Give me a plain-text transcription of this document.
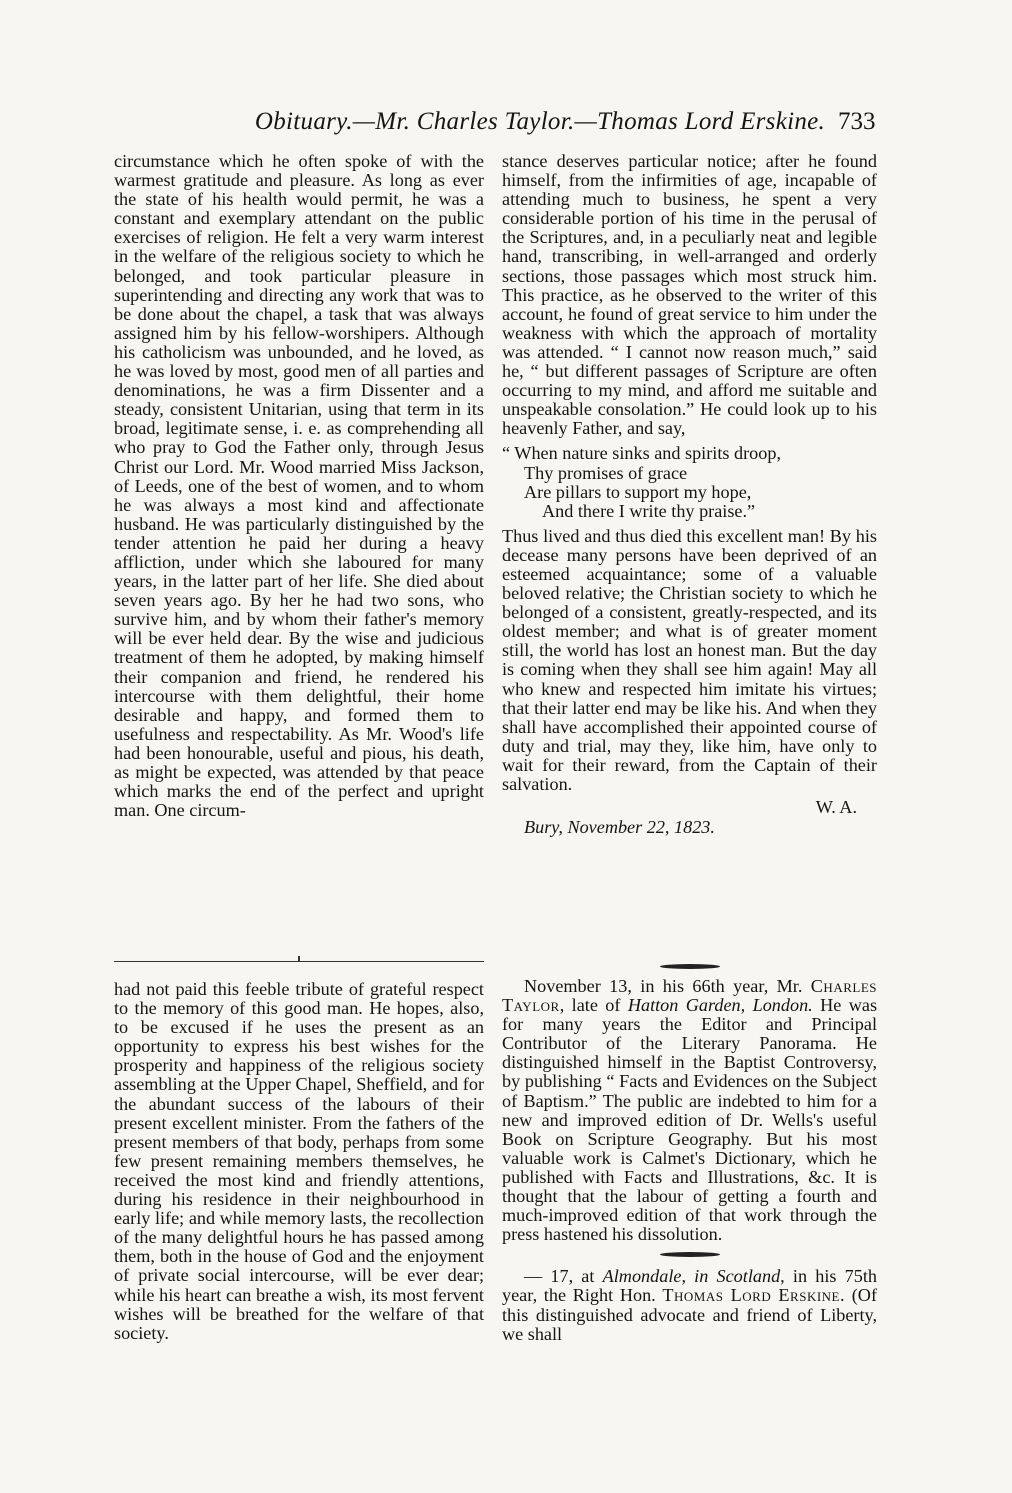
Obituary.—Mr. Charles Taylor.—Thomas Lord Erskine. 733

circumstance which he often spoke of with the warmest gratitude and pleasure. As long as ever the state of his health would permit, he was a constant and exemplary attendant on the public exercises of religion. He felt a very warm interest in the welfare of the religious society to which he belonged, and took particular pleasure in superintending and directing any work that was to be done about the chapel, a task that was always assigned him by his fellow-worshipers. Although his catholicism was unbounded, and he loved, as he was loved by most, good men of all parties and denominations, he was a firm Dissenter and a steady, consistent Unitarian, using that term in its broad, legitimate sense, i. e. as comprehending all who pray to God the Father only, through Jesus Christ our Lord. Mr. Wood married Miss Jackson, of Leeds, one of the best of women, and to whom he was always a most kind and affectionate husband. He was particularly distinguished by the tender attention he paid her during a heavy affliction, under which she laboured for many years, in the latter part of her life. She died about seven years ago. By her he had two sons, who survive him, and by whom their father's memory will be ever held dear. By the wise and judicious treatment of them he adopted, by making himself their companion and friend, he rendered his intercourse with them delightful, their home desirable and happy, and formed them to usefulness and respectability. As Mr. Wood's life had been honourable, useful and pious, his death, as might be expected, was attended by that peace which marks the end of the perfect and upright man. One circum-

stance deserves particular notice; after he found himself, from the infirmities of age, incapable of attending much to business, he spent a very considerable portion of his time in the perusal of the Scriptures, and, in a peculiarly neat and legible hand, transcribing, in well-arranged and orderly sections, those passages which most struck him. This practice, as he observed to the writer of this account, he found of great service to him under the weakness with which the approach of mortality was attended. “ I cannot now reason much,” said he, “ but different passages of Scripture are often occurring to my mind, and afford me suitable and unspeakable consolation.” He could look up to his heavenly Father, and say,

“ When nature sinks and spirits droop,
Thy promises of grace
Are pillars to support my hope,
And there I write thy praise.”

Thus lived and thus died this excellent man! By his decease many persons have been deprived of an esteemed acquaintance; some of a valuable beloved relative; the Christian society to which he belonged of a consistent, greatly-respected, and its oldest member; and what is of greater moment still, the world has lost an honest man. But the day is coming when they shall see him again! May all who knew and respected him imitate his virtues; that their latter end may be like his. And when they shall have accomplished their appointed course of duty and trial, may they, like him, have only to wait for their reward, from the Captain of their salvation.

W. A.
Bury, November 22, 1823.

had not paid this feeble tribute of grateful respect to the memory of this good man. He hopes, also, to be excused if he uses the present as an opportunity to express his best wishes for the prosperity and happiness of the religious society assembling at the Upper Chapel, Sheffield, and for the abundant success of the labours of their present excellent minister. From the fathers of the present members of that body, perhaps from some few present remaining members themselves, he received the most kind and friendly attentions, during his residence in their neighbourhood in early life; and while memory lasts, the recollection of the many delightful hours he has passed among them, both in the house of God and the enjoyment of private social intercourse, will be ever dear; while his heart can breathe a wish, its most fervent wishes will be breathed for the welfare of that society.

November 13, in his 66th year, Mr. Charles Taylor, late of Hatton Garden, London. He was for many years the Editor and Principal Contributor of the Literary Panorama. He distinguished himself in the Baptist Controversy, by publishing “ Facts and Evidences on the Subject of Baptism.” The public are indebted to him for a new and improved edition of Dr. Wells's useful Book on Scripture Geography. But his most valuable work is Calmet's Dictionary, which he published with Facts and Illustrations, &c. It is thought that the labour of getting a fourth and much-improved edition of that work through the press hastened his dissolution.

— 17, at Almondale, in Scotland, in his 75th year, the Right Hon. Thomas Lord Erskine. (Of this distinguished advocate and friend of Liberty, we shall
